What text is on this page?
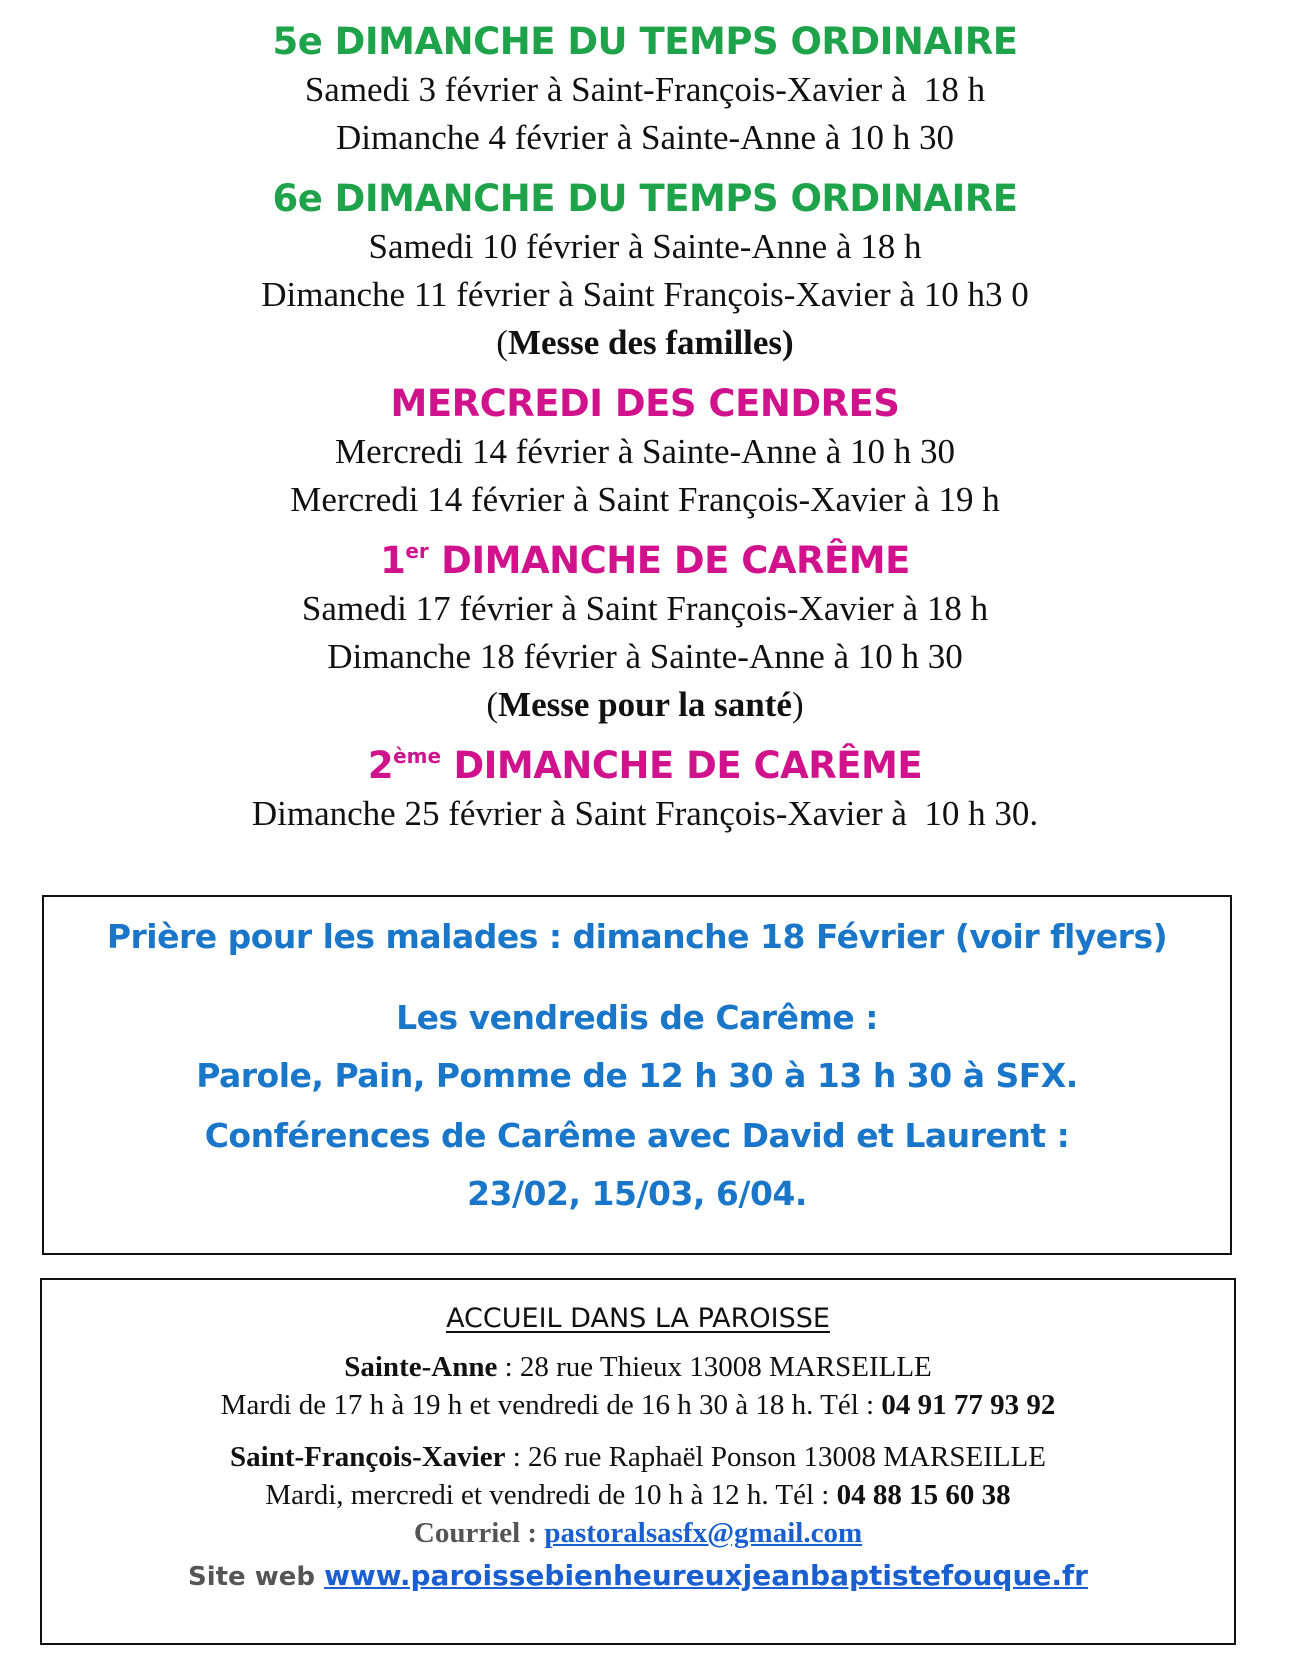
5e DIMANCHE DU TEMPS ORDINAIRE

Samedi 3 février à Saint-François-Xavier à  18 h

Dimanche 4 février à Sainte-Anne à 10 h 30

6e DIMANCHE DU TEMPS ORDINAIRE

Samedi 10 février à Sainte-Anne à 18 h

Dimanche 11 février à Saint François-Xavier à 10 h3 0

(Messe des familles)

MERCREDI DES CENDRES

Mercredi 14 février à Sainte-Anne à 10 h 30

Mercredi 14 février à Saint François-Xavier à 19 h

1er DIMANCHE DE CARÊME

Samedi 17 février à Saint François-Xavier à 18 h

Dimanche 18 février à Sainte-Anne à 10 h 30

(Messe pour la santé)

2ème DIMANCHE DE CARÊME

Dimanche 25 février à Saint François-Xavier à  10 h 30.

Prière pour les malades : dimanche 18 Février (voir flyers)
Les vendredis de Carême :
Parole, Pain, Pomme de 12 h 30 à 13 h 30 à SFX.
Conférences de Carême avec David et Laurent :
23/02, 15/03, 6/04.
ACCUEIL DANS LA PAROISSE
Sainte-Anne : 28 rue Thieux 13008 MARSEILLE
Mardi de 17 h à 19 h et vendredi de 16 h 30 à 18 h. Tél : 04 91 77 93 92
Saint-François-Xavier : 26 rue Raphaël Ponson 13008 MARSEILLE
Mardi, mercredi et vendredi de 10 h à 12 h. Tél : 04 88 15 60 38
Courriel : pastoralsasfx@gmail.com
Site web www.paroissebienheureuxjeanbaptistefouque.fr
